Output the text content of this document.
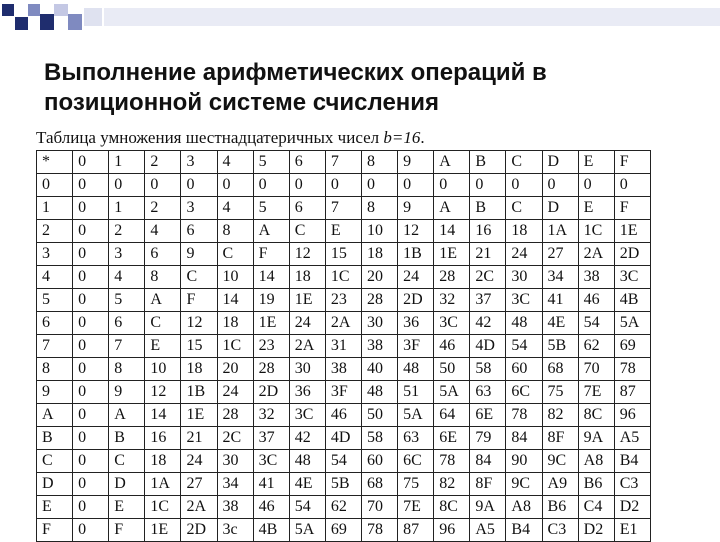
Выполнение арифметических операций в позиционной системе счисления
Таблица умножения шестнадцатеричных чисел b=16.
*	0	1	2	3	4	5	6	7	8	9	A	B	C	D	E	F
0	0	0	0	0	0	0	0	0	0	0	0	0	0	0	0	0
1	0	1	2	3	4	5	6	7	8	9	A	B	C	D	E	F
2	0	2	4	6	8	A	C	E	10	12	14	16	18	1A	1C	1E
3	0	3	6	9	C	F	12	15	18	1B	1E	21	24	27	2A	2D
4	0	4	8	C	10	14	18	1C	20	24	28	2C	30	34	38	3C
5	0	5	A	F	14	19	1E	23	28	2D	32	37	3C	41	46	4B
6	0	6	C	12	18	1E	24	2A	30	36	3C	42	48	4E	54	5A
7	0	7	E	15	1C	23	2A	31	38	3F	46	4D	54	5B	62	69
8	0	8	10	18	20	28	30	38	40	48	50	58	60	68	70	78
9	0	9	12	1B	24	2D	36	3F	48	51	5A	63	6C	75	7E	87
A	0	A	14	1E	28	32	3C	46	50	5A	64	6E	78	82	8C	96
B	0	B	16	21	2C	37	42	4D	58	63	6E	79	84	8F	9A	A5
C	0	C	18	24	30	3C	48	54	60	6C	78	84	90	9C	A8	B4
D	0	D	1A	27	34	41	4E	5B	68	75	82	8F	9C	A9	B6	C3
E	0	E	1C	2A	38	46	54	62	70	7E	8C	9A	A8	B6	C4	D2
F	0	F	1E	2D	3c	4B	5A	69	78	87	96	A5	B4	C3	D2	E1
